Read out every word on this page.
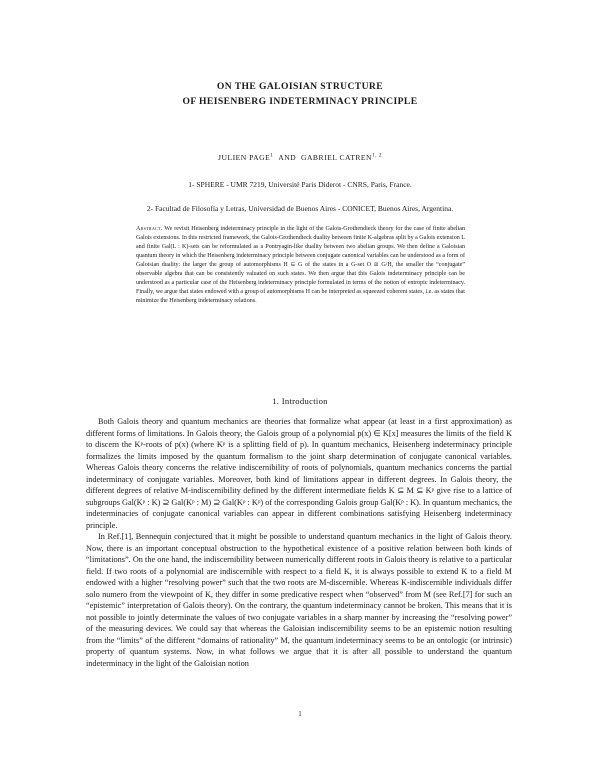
ON THE GALOISIAN STRUCTURE
OF HEISENBERG INDETERMINACY PRINCIPLE
JULIEN PAGE$^1$ AND GABRIEL CATREN$^{1, 2}$
1- SPHERE - UMR 7219, Université Paris Diderot - CNRS, Paris, France.
2- Facultad de Filosofía y Letras, Universidad de Buenos Aires - CONICET, Buenos Aires, Argentina.
Abstract. We revisit Heisenberg indeterminacy principle in the light of the Galois-Grothendieck theory for the case of finite abelian Galois extensions. In this restricted framework, the Galois-Grothendieck duality between finite K-algebras split by a Galois extension L and finite Gal(L : K)-sets can be reformulated as a Pontryagin-like duality between two abelian groups. We then define a Galoisian quantum theory in which the Heisenberg indeterminacy principle between conjugate canonical variables can be understood as a form of Galoisian duality: the larger the group of automorphisms H ⊆ G of the states in a G-set O ≅ G/H, the smaller the “conjugate” observable algebra that can be consistently valuated on such states. We then argue that this Galois indeterminacy principle can be understood as a particular case of the Heisenberg indeterminacy principle formulated in terms of the notion of entropic indeterminacy. Finally, we argue that states endowed with a group of automorphisms H can be interpreted as squeezed coherent states, i.e. as states that minimize the Heisenberg indeterminacy relations.
1. Introduction

Both Galois theory and quantum mechanics are theories that formalize what appear (at least in a first approximation) as different forms of limitations. In Galois theory, the Galois group of a polynomial p(x) ∈ K[x] measures the limits of the field K to discern the Kᵖ-roots of p(x) (where Kᵖ is a splitting field of p). In quantum mechanics, Heisenberg indeterminacy principle formalizes the limits imposed by the quantum formalism to the joint sharp determination of conjugate canonical variables. Whereas Galois theory concerns the relative indiscernibility of roots of polynomials, quantum mechanics concerns the partial indeterminacy of conjugate variables. Moreover, both kind of limitations appear in different degrees. In Galois theory, the different degrees of relative M-indiscernibility defined by the different intermediate fields K ⊆ M ⊆ Kᵖ give rise to a lattice of subgroups Gal(Kᵖ : K) ⊇ Gal(Kᵖ : M) ⊇ Gal(Kᵖ : Kᵖ) of the corresponding Galois group Gal(Kᵖ : K). In quantum mechanics, the indeterminacies of conjugate canonical variables can appear in different combinations satisfying Heisenberg indeterminacy principle.

In Ref.[1], Bennequin conjectured that it might be possible to understand quantum mechanics in the light of Galois theory. Now, there is an important conceptual obstruction to the hypothetical existence of a positive relation between both kinds of “limitations”. On the one hand, the indiscernibility between numerically different roots in Galois theory is relative to a particular field. If two roots of a polynomial are indiscernible with respect to a field K, it is always possible to extend K to a field M endowed with a higher “resolving power” such that the two roots are M-discernible. Whereas K-indiscernible individuals differ solo numero from the viewpoint of K, they differ in some predicative respect when “observed” from M (see Ref.[7] for such an “epistemic” interpretation of Galois theory). On the contrary, the quantum indeterminacy cannot be broken. This means that it is not possible to jointly determinate the values of two conjugate variables in a sharp manner by increasing the “resolving power” of the measuring devices. We could say that whereas the Galoisian indiscernibility seems to be an epistemic notion resulting from the “limits” of the different “domains of rationality” M, the quantum indeterminacy seems to be an ontologic (or intrinsic) property of quantum systems. Now, in what follows we argue that it is after all possible to understand the quantum indeterminacy in the light of the Galoisian notion

1
